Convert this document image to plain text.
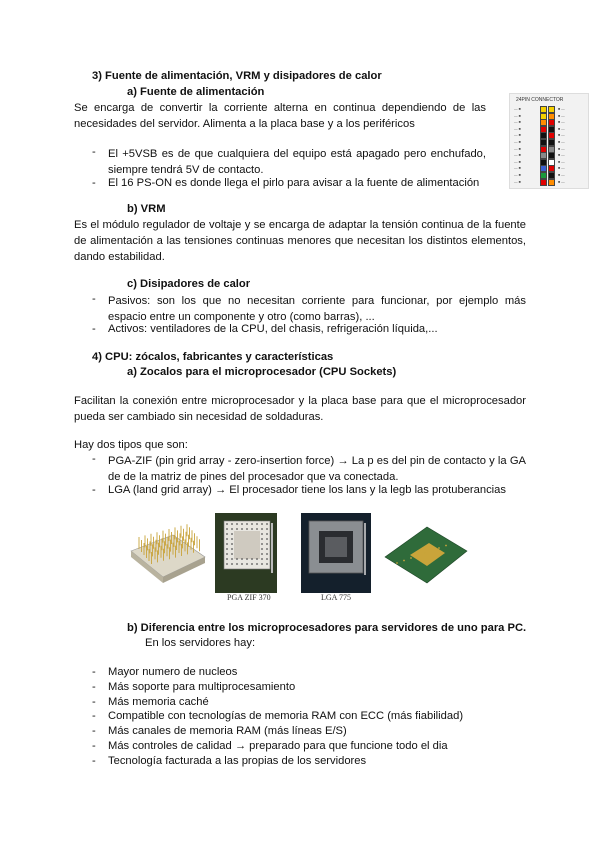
3) Fuente de alimentación, VRM y disipadores de calor
a) Fuente de alimentación
Se encarga de convertir la corriente alterna en continua dependiendo de las necesidades del servidor. Alimenta a la placa base y a los periféricos
- El +5VSB es de que cualquiera del equipo está apagado pero enchufado, siempre tendrá 5V de contacto.
- El 16 PS-ON es donde llega el pirlo para avisar a la fuente de alimentación
24PIN CONNECTOR
— ■	■ —
— ■	■ —
— ■	■ —
— ■	■ —
— ■	■ —
— ■	■ —
— ■	■ —
— ■	■ —
— ■	■ —
— ■	■ —
— ■	■ —
— ■	■ —
b) VRM
Es el módulo regulador de voltaje y se encarga de adaptar la tensión continua de la fuente de alimentación a las tensiones continuas menores que necesitan los distintos elementos, dando estabilidad.
c) Disipadores de calor
- Pasivos: son los que no necesitan corriente para funcionar, por ejemplo más espacio entre un componente y otro (como barras), ...
- Activos: ventiladores de la CPU, del chasis, refrigeración líquida,...
4) CPU: zócalos, fabricantes y características
a) Zocalos para el microprocesador (CPU Sockets)
Facilitan la conexión entre microprocesador y la placa base para que el microprocesador pueda ser cambiado sin necesidad de soldaduras.
Hay dos tipos que son:
- PGA-ZIF (pin grid array - zero-insertion force) → La p es del pin de contacto y la GA de de la matriz de pines del procesador que va conectada.
- LGA (land grid array) → El procesador tiene los lans y la legb las protuberancias
PGA ZIF 370	LGA 775
b) Diferencia entre los microprocesadores para servidores de uno para PC.
En los servidores hay:
- Mayor numero de nucleos
- Más soporte para multiprocesamiento
- Más memoria caché
- Compatible con tecnologías de memoria RAM con ECC (más fiabilidad)
- Más canales de memoria RAM (más líneas E/S)
- Más controles de calidad → preparado para que funcione todo el dia
- Tecnología facturada a las propias de los servidores
